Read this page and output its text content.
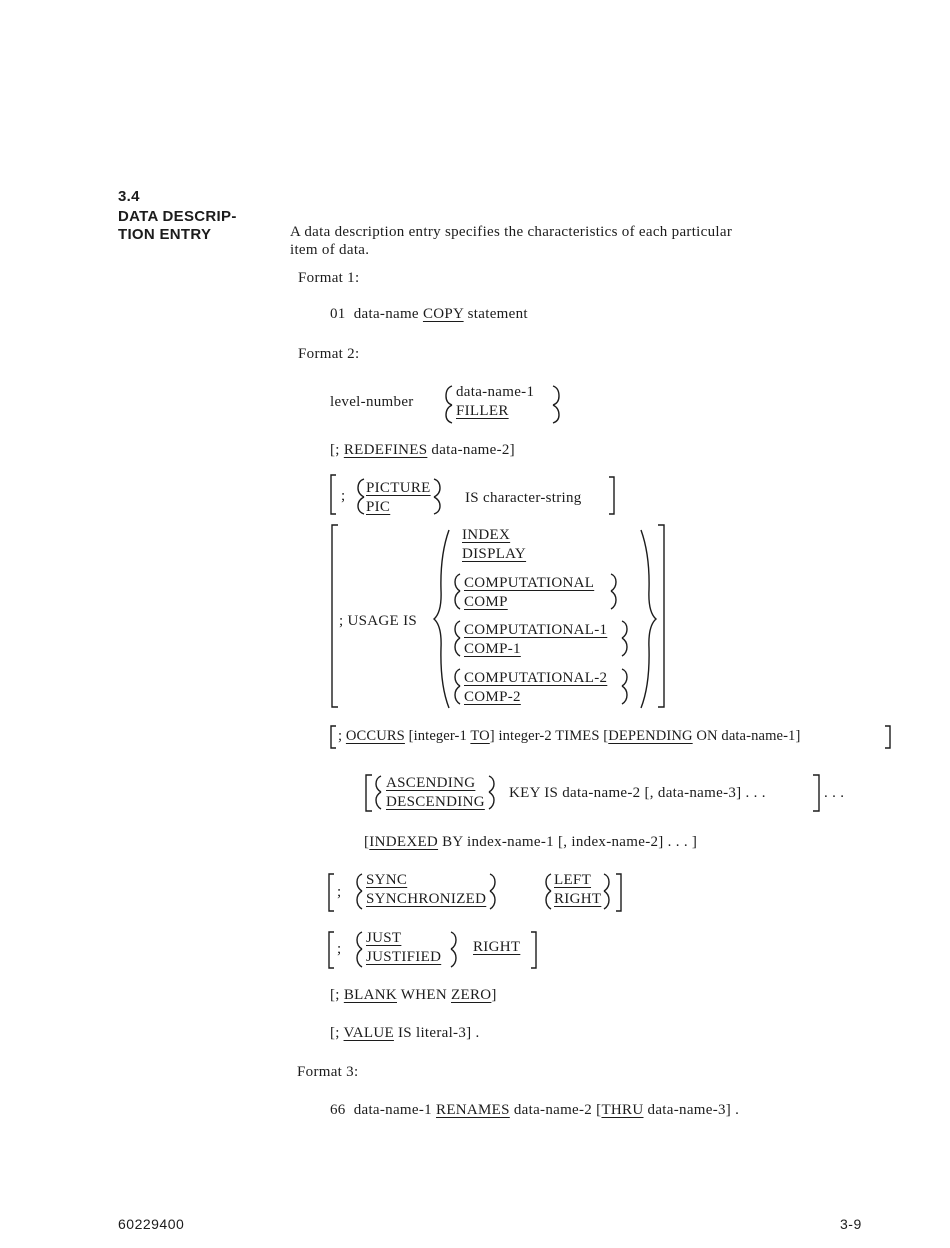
3.4
DATA DESCRIP-
TION ENTRY	A data description entry specifies the characteristics of each particular
item of data.
Format 1:
01 data-name COPY statement
Format 2:
level-number
data-name-1
FILLER
[; REDEFINES data-name-2]
; PICTURE
PIC
IS character-string
; USAGE IS
INDEX
DISPLAY
COMPUTATIONAL
COMP
COMPUTATIONAL-1
COMP-1
COMPUTATIONAL-2
COMP-2
; OCCURS [integer-1 TO] integer-2 TIMES [DEPENDING ON data-name-1]
ASCENDING
DESCENDING
KEY IS data-name-2 [, data-name-3] . . .	. . .
[INDEXED BY index-name-1 [, index-name-2] . . . ]
;
SYNC
SYNCHRONIZED
LEFT
RIGHT
;
JUST
JUSTIFIED
RIGHT
[; BLANK WHEN ZERO]
[; VALUE IS literal-3] .
Format 3:
66  data-name-1 RENAMES data-name-2 [THRU data-name-3] .
60229400	3-9
